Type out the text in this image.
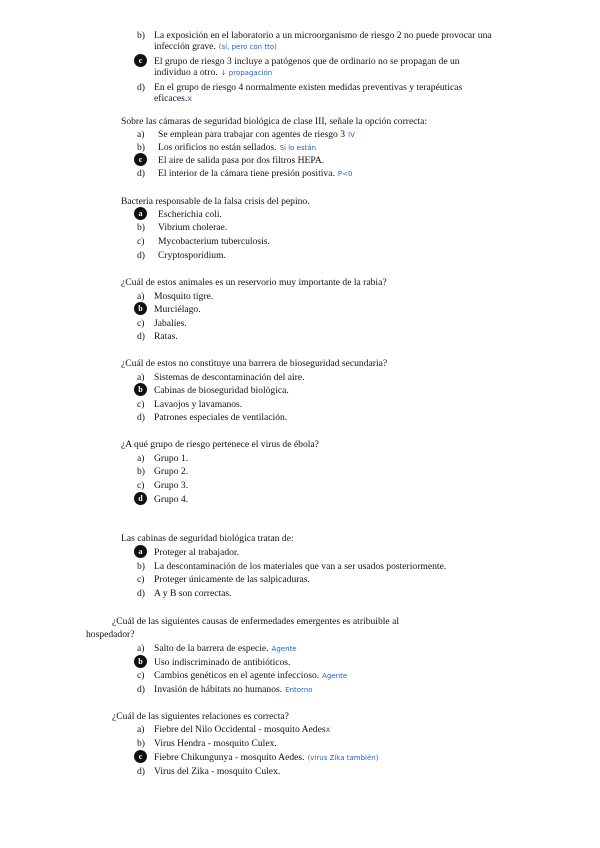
b) La exposición en el laboratorio a un microorganismo de riesgo 2 no puede provocar una
infección grave. (sí, pero con tto)
c	El grupo de riesgo 3 incluye a patógenos que de ordinario no se propagan de un
individuo a otro. ↓ propagación
d) En el grupo de riesgo 4 normalmente existen medidas preventivas y terapéuticas
eficaces.x
Sobre las cámaras de seguridad biológica de clase III, señale la opción correcta:
a) Se emplean para trabajar con agentes de riesgo 3 IV
b) Los orificios no están sellados. Sí lo están
c	El aire de salida pasa por dos filtros HEPA.
d) El interior de la cámara tiene presión positiva. P<0
Bacteria responsable de la falsa crisis del pepino.
a	Escherichia coli.
b) Vibrium cholerae.
c) Mycobacterium tuberculosis.
d) Cryptosporidium.
¿Cuál de estos animales es un reservorio muy importante de la rabia?
a) Mosquito tigre.
b	Murciélago.
c) Jabalíes.
d) Ratas.
¿Cuál de estos no constituye una barrera de bioseguridad secundaria?
a) Sistemas de descontaminación del aire.
b	Cabinas de bioseguridad biológica.
c) Lavaojos y lavamanos.
d) Patrones especiales de ventilación.
¿A qué grupo de riesgo pertenece el virus de ébola?
a) Grupo 1.
b) Grupo 2.
c) Grupo 3.
d	Grupo 4.
Las cabinas de seguridad biológica tratan de:
a	Proteger al trabajador.
b) La descontaminación de los materiales que van a ser usados posteriormente.
c) Proteger únicamente de las salpicaduras.
d) A y B son correctas.
¿Cuál de las siguientes causas de enfermedades emergentes es atribuible al
hospedador?
a) Salto de la barrera de especie. Agente
b	Uso indiscriminado de antibióticos.
c) Cambios genéticos en el agente infeccioso. Agente
d) Invasión de hábitats no humanos. Entorno
¿Cuál de las siguientes relaciones es correcta?
a) Fiebre del Nilo Occidental - mosquito Aedesx
b) Virus Hendra - mosquito Culex.
c	Fiebre Chikungunya - mosquito Aedes. (virus Zika también)
d) Virus del Zika - mosquito Culex.
